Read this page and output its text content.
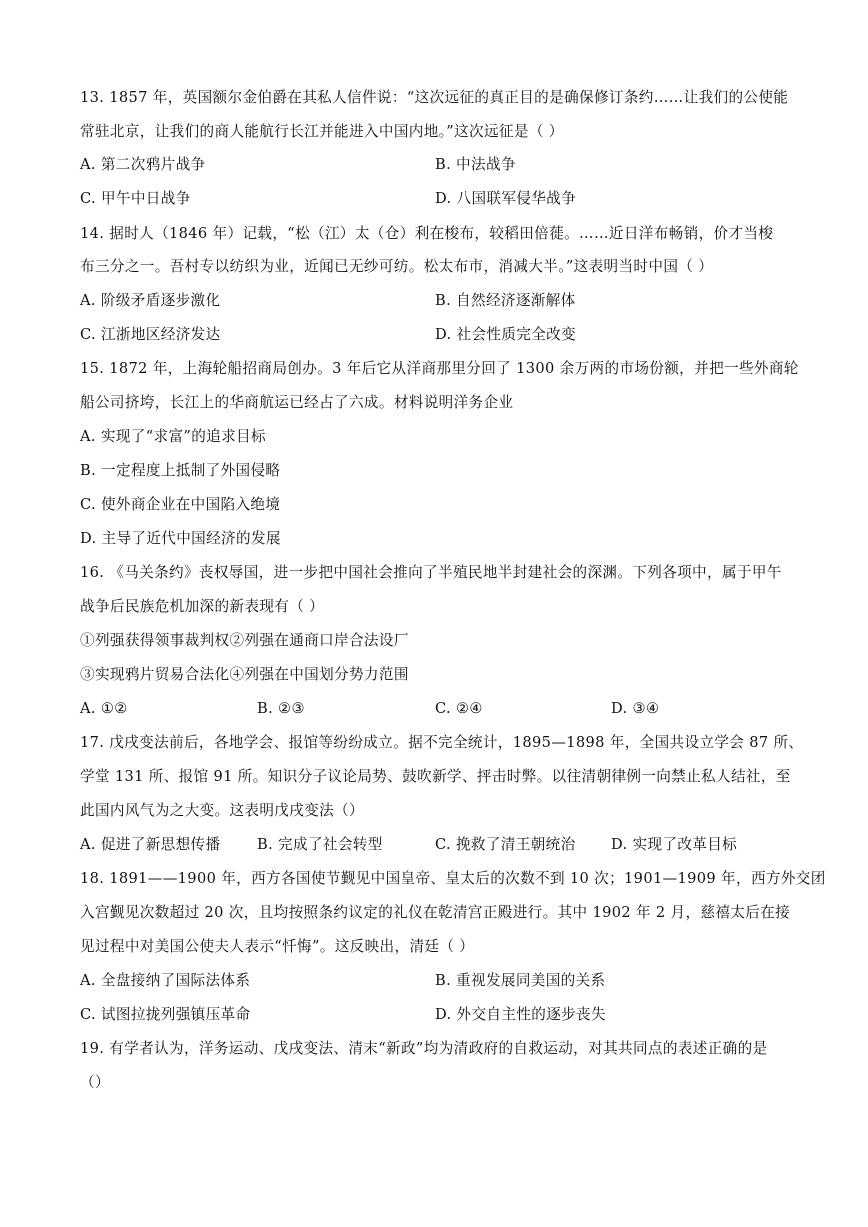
13. 1857 年，英国额尔金伯爵在其私人信件说：“这次远征的真正目的是确保修订条约……让我们的公使能
常驻北京，让我们的商人能航行长江并能进入中国内地。”这次远征是（ ）
A. 第二次鸦片战争	B. 中法战争
C. 甲午中日战争	D. 八国联军侵华战争
14. 据时人（1846 年）记载，“松（江）太（仓）利在梭布，较稻田倍蓰。……近日洋布畅销，价才当梭
布三分之一。吾村专以纺织为业，近闻已无纱可纺。松太布市，消减大半。”这表明当时中国（ ）
A. 阶级矛盾逐步激化	B. 自然经济逐渐解体
C. 江浙地区经济发达	D. 社会性质完全改变
15. 1872 年，上海轮船招商局创办。3 年后它从洋商那里分回了 1300 余万两的市场份额，并把一些外商轮
船公司挤垮，长江上的华商航运已经占了六成。材料说明洋务企业
A. 实现了“求富”的追求目标
B. 一定程度上抵制了外国侵略
C. 使外商企业在中国陷入绝境
D. 主导了近代中国经济的发展
16. 《马关条约》丧权辱国，进一步把中国社会推向了半殖民地半封建社会的深渊。下列各项中，属于甲午
战争后民族危机加深的新表现有（ ）
①列强获得领事裁判权②列强在通商口岸合法设厂
③实现鸦片贸易合法化④列强在中国划分势力范围
A. ①②	B. ②③	C. ②④	D. ③④
17. 戊戌变法前后，各地学会、报馆等纷纷成立。据不完全统计，1895—1898 年，全国共设立学会 87 所、
学堂 131 所、报馆 91 所。知识分子议论局势、鼓吹新学、抨击时弊。以往清朝律例一向禁止私人结社，至
此国内风气为之大变。这表明戊戌变法（）
A. 促进了新思想传播	B. 完成了社会转型	C. 挽救了清王朝统治 D. 实现了改革目标
18. 1891——1900 年，西方各国使节觐见中国皇帝、皇太后的次数不到 10 次；1901—1909 年，西方外交团
入宫觐见次数超过 20 次，且均按照条约议定的礼仪在乾清宫正殿进行。其中 1902 年 2 月，慈禧太后在接
见过程中对美国公使夫人表示“忏悔”。这反映出，清廷（ ）
A. 全盘接纳了国际法体系	B. 重视发展同美国的关系
C. 试图拉拢列强镇压革命	D. 外交自主性的逐步丧失
19. 有学者认为，洋务运动、戊戌变法、清末“新政”均为清政府的自救运动，对其共同点的表述正确的是
（）
